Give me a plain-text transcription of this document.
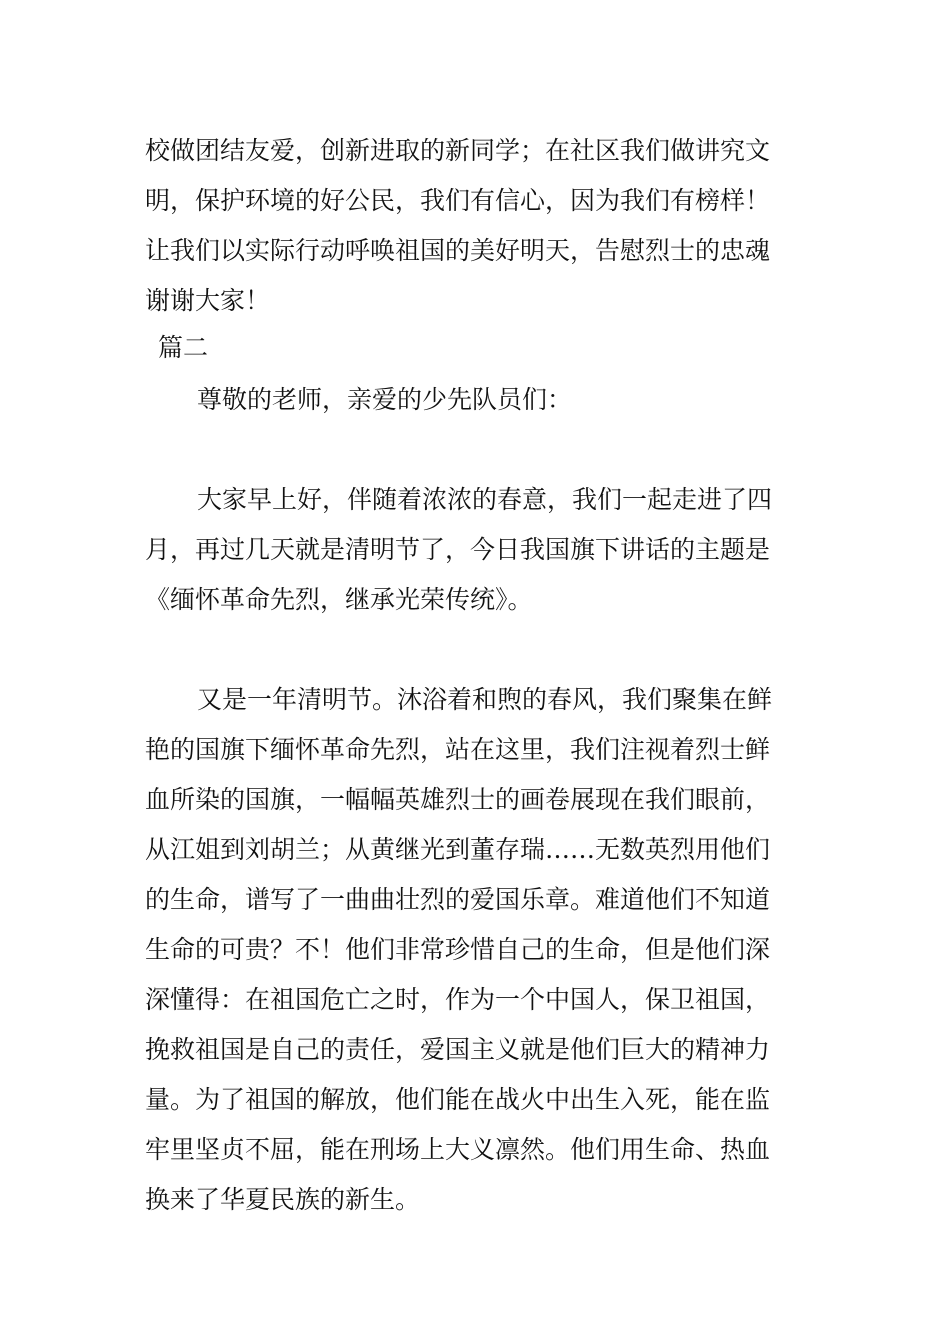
校做团结友爱，创新进取的新同学；在社区我们做讲究文
明，保护环境的好公民，我们有信心，因为我们有榜样！
让我们以实际行动呼唤祖国的美好明天，告慰烈士的忠魂
谢谢大家！
篇二
尊敬的老师，亲爱的少先队员们：
大家早上好，伴随着浓浓的春意，我们一起走进了四
月，再过几天就是清明节了，今日我国旗下讲话的主题是
《缅怀革命先烈，继承光荣传统》。
又是一年清明节。沐浴着和煦的春风，我们聚集在鲜
艳的国旗下缅怀革命先烈，站在这里，我们注视着烈士鲜
血所染的国旗，一幅幅英雄烈士的画卷展现在我们眼前，
从江姐到刘胡兰；从黄继光到董存瑞……无数英烈用他们
的生命，谱写了一曲曲壮烈的爱国乐章。难道他们不知道
生命的可贵？不！他们非常珍惜自己的生命，但是他们深
深懂得：在祖国危亡之时，作为一个中国人，保卫祖国，
挽救祖国是自己的责任，爱国主义就是他们巨大的精神力
量。为了祖国的解放，他们能在战火中出生入死，能在监
牢里坚贞不屈，能在刑场上大义凛然。他们用生命、热血
换来了华夏民族的新生。
